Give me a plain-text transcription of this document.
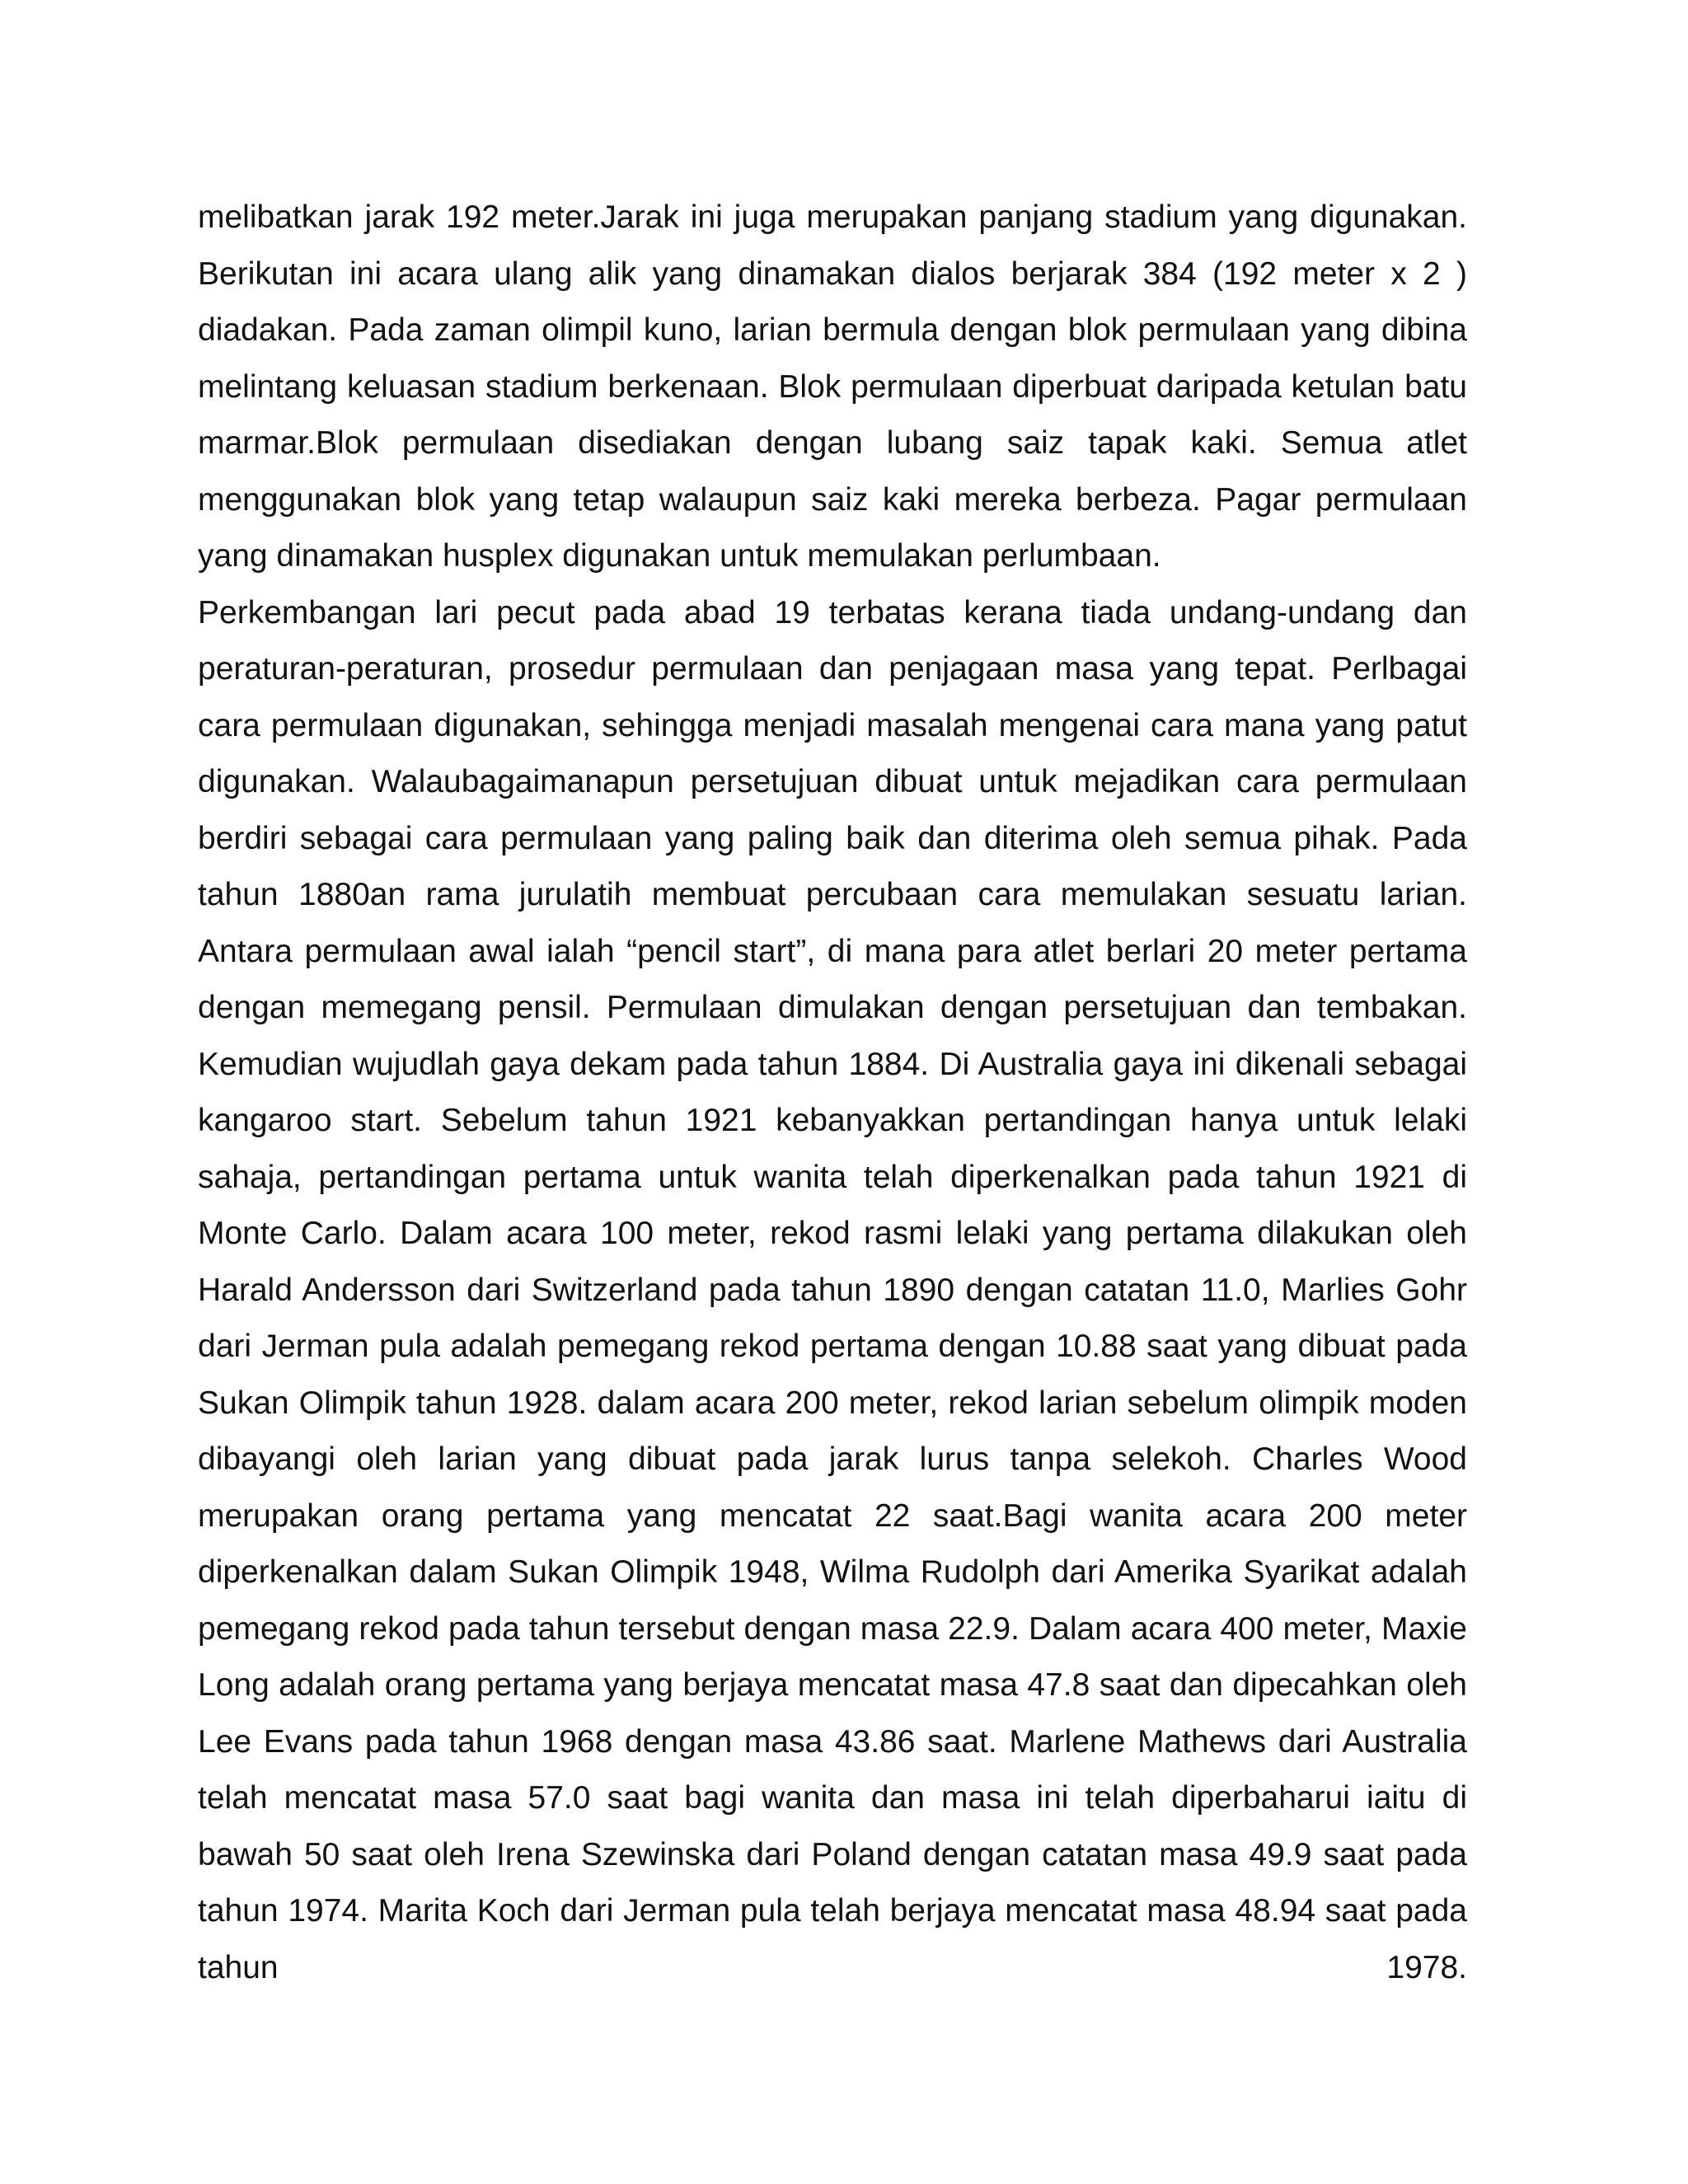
melibatkan jarak 192 meter.Jarak ini juga merupakan panjang stadium yang digunakan. Berikutan ini acara ulang alik yang dinamakan dialos berjarak 384 (192 meter x 2 ) diadakan. Pada zaman olimpil kuno, larian bermula dengan blok permulaan yang dibina melintang keluasan stadium berkenaan. Blok permulaan diperbuat daripada ketulan batu marmar.Blok permulaan disediakan dengan lubang saiz tapak kaki. Semua atlet menggunakan blok yang tetap walaupun saiz kaki mereka berbeza. Pagar permulaan yang dinamakan husplex digunakan untuk memulakan perlumbaan.

Perkembangan lari pecut pada abad 19 terbatas kerana tiada undang-undang dan peraturan-peraturan, prosedur permulaan dan penjagaan masa yang tepat. Perlbagai cara permulaan digunakan, sehingga menjadi masalah mengenai cara mana yang patut digunakan. Walaubagaimanapun persetujuan dibuat untuk mejadikan cara permulaan berdiri sebagai cara permulaan yang paling baik dan diterima oleh semua pihak. Pada tahun 1880an rama jurulatih membuat percubaan cara memulakan sesuatu larian. Antara permulaan awal ialah “pencil start”, di mana para atlet berlari 20 meter pertama dengan memegang pensil. Permulaan dimulakan dengan persetujuan dan tembakan. Kemudian wujudlah gaya dekam pada tahun 1884. Di Australia gaya ini dikenali sebagai kangaroo start. Sebelum tahun 1921 kebanyakkan pertandingan hanya untuk lelaki sahaja, pertandingan pertama untuk wanita telah diperkenalkan pada tahun 1921 di Monte Carlo. Dalam acara 100 meter, rekod rasmi lelaki yang pertama dilakukan oleh Harald Andersson dari Switzerland pada tahun 1890 dengan catatan 11.0, Marlies Gohr dari Jerman pula adalah pemegang rekod pertama dengan 10.88 saat yang dibuat pada Sukan Olimpik tahun 1928. dalam acara 200 meter, rekod larian sebelum olimpik moden dibayangi oleh larian yang dibuat pada jarak lurus tanpa selekoh. Charles Wood merupakan orang pertama yang mencatat 22 saat.Bagi wanita acara 200 meter diperkenalkan dalam Sukan Olimpik 1948, Wilma Rudolph dari Amerika Syarikat adalah pemegang rekod pada tahun tersebut dengan masa 22.9. Dalam acara 400 meter, Maxie Long adalah orang pertama yang berjaya mencatat masa 47.8 saat dan dipecahkan oleh Lee Evans pada tahun 1968 dengan masa 43.86 saat. Marlene Mathews dari Australia telah mencatat masa 57.0 saat bagi wanita dan masa ini telah diperbaharui iaitu di bawah 50 saat oleh Irena Szewinska dari Poland dengan catatan masa 49.9 saat pada tahun 1974. Marita Koch dari Jerman pula telah berjaya mencatat masa 48.94 saat pada tahun 1978.
